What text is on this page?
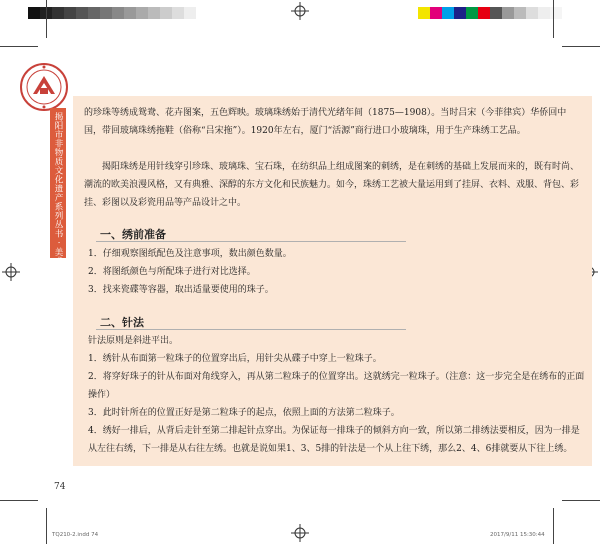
揭阳市非物质文化遗产系列丛书 · 美术 · 抽纱 · 刺绣 的珍珠等绣成鸳鸯、花卉图案，五色辉映。玻璃珠绣始于清代光绪年间（1875—1908）。当时吕宋（今菲律宾）华侨回中国，带回玻璃珠绣拖鞋（俗称“吕宋拖”）。1920年左右，厦门“活源”商行进口小玻璃珠，用于生产珠绣工艺品。

揭阳珠绣是用针线穿引珍珠、玻璃珠、宝石珠，在纺织品上组成图案的刺绣，是在刺绣的基础上发展而来的，既有时尚、潮流的欧美浪漫风格，又有典雅、深醇的东方文化和民族魅力。如今，珠绣工艺被大量运用到了挂屏、衣料、戏服、背包、彩挂、彩图以及彩瓷用品等产品设计之中。

一、绣前准备

1．仔细观察图纸配色及注意事项，数出颜色数量。

2．将图纸颜色与所配珠子进行对比选择。

3．找来瓷碟等容器，取出适量要使用的珠子。

二、针法

针法原则是斜进平出。

1．绣针从布面第一粒珠子的位置穿出后，用针尖从碟子中穿上一粒珠子。

2．将穿好珠子的针从布面对角线穿入，再从第二粒珠子的位置穿出。这就绣完一粒珠子。（注意：这一步完全是在绣布的正面操作）

3．此时针所在的位置正好是第二粒珠子的起点，依照上面的方法第二粒珠子。

4．绣好一排后，从背后走针至第二排起针点穿出。为保证每一排珠子的倾斜方向一致，所以第二排绣法要相反，因为一排是从左往右绣，下一排是从右往左绣。也就是说如果1、3、5排的针法是一个从上往下绣，那么2、4、6排就要从下往上绣。

74
TQ210-2.indd 74	2017/9/11 15:30:44
